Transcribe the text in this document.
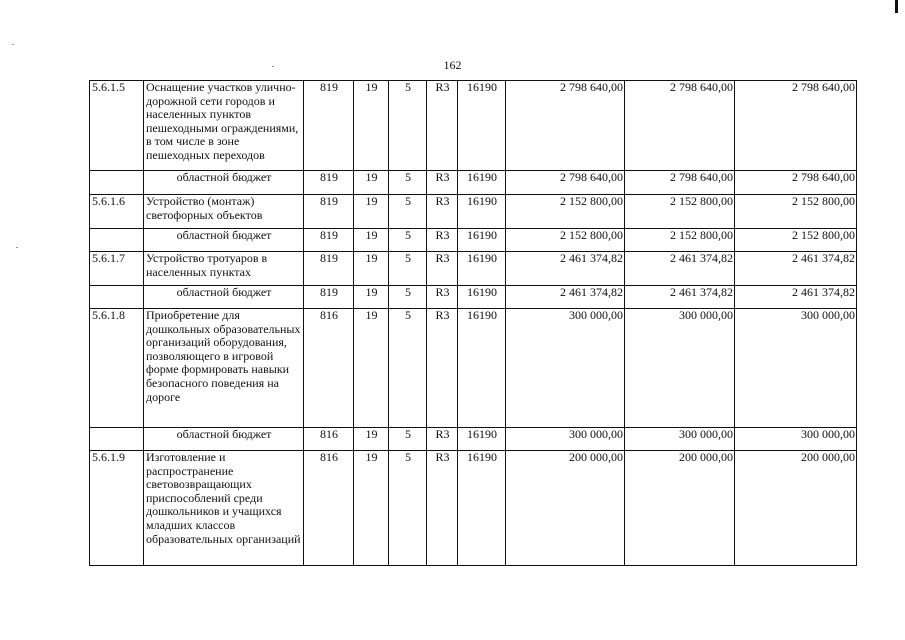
162
5.6.1.5	Оснащение участков улично-дорожной сети городов и населенных пунктов пешеходными ограждениями, в том числе в зоне пешеходных переходов	819	19	5	R3	16190	2 798 640,00	2 798 640,00	2 798 640,00
	областной бюджет	819	19	5	R3	16190	2 798 640,00	2 798 640,00	2 798 640,00
5.6.1.6	Устройство (монтаж) светофорных объектов	819	19	5	R3	16190	2 152 800,00	2 152 800,00	2 152 800,00
	областной бюджет	819	19	5	R3	16190	2 152 800,00	2 152 800,00	2 152 800,00
5.6.1.7	Устройство тротуаров в населенных пунктах	819	19	5	R3	16190	2 461 374,82	2 461 374,82	2 461 374,82
	областной бюджет	819	19	5	R3	16190	2 461 374,82	2 461 374,82	2 461 374,82
5.6.1.8	Приобретение для дошкольных образовательных организаций оборудования, позволяющего в игровой форме формировать навыки безопасного поведения на дороге	816	19	5	R3	16190	300 000,00	300 000,00	300 000,00
	областной бюджет	816	19	5	R3	16190	300 000,00	300 000,00	300 000,00
5.6.1.9	Изготовление и распространение световозвращающих приспособлений среди дошкольников и учащихся младших классов образовательных организаций	816	19	5	R3	16190	200 000,00	200 000,00	200 000,00
